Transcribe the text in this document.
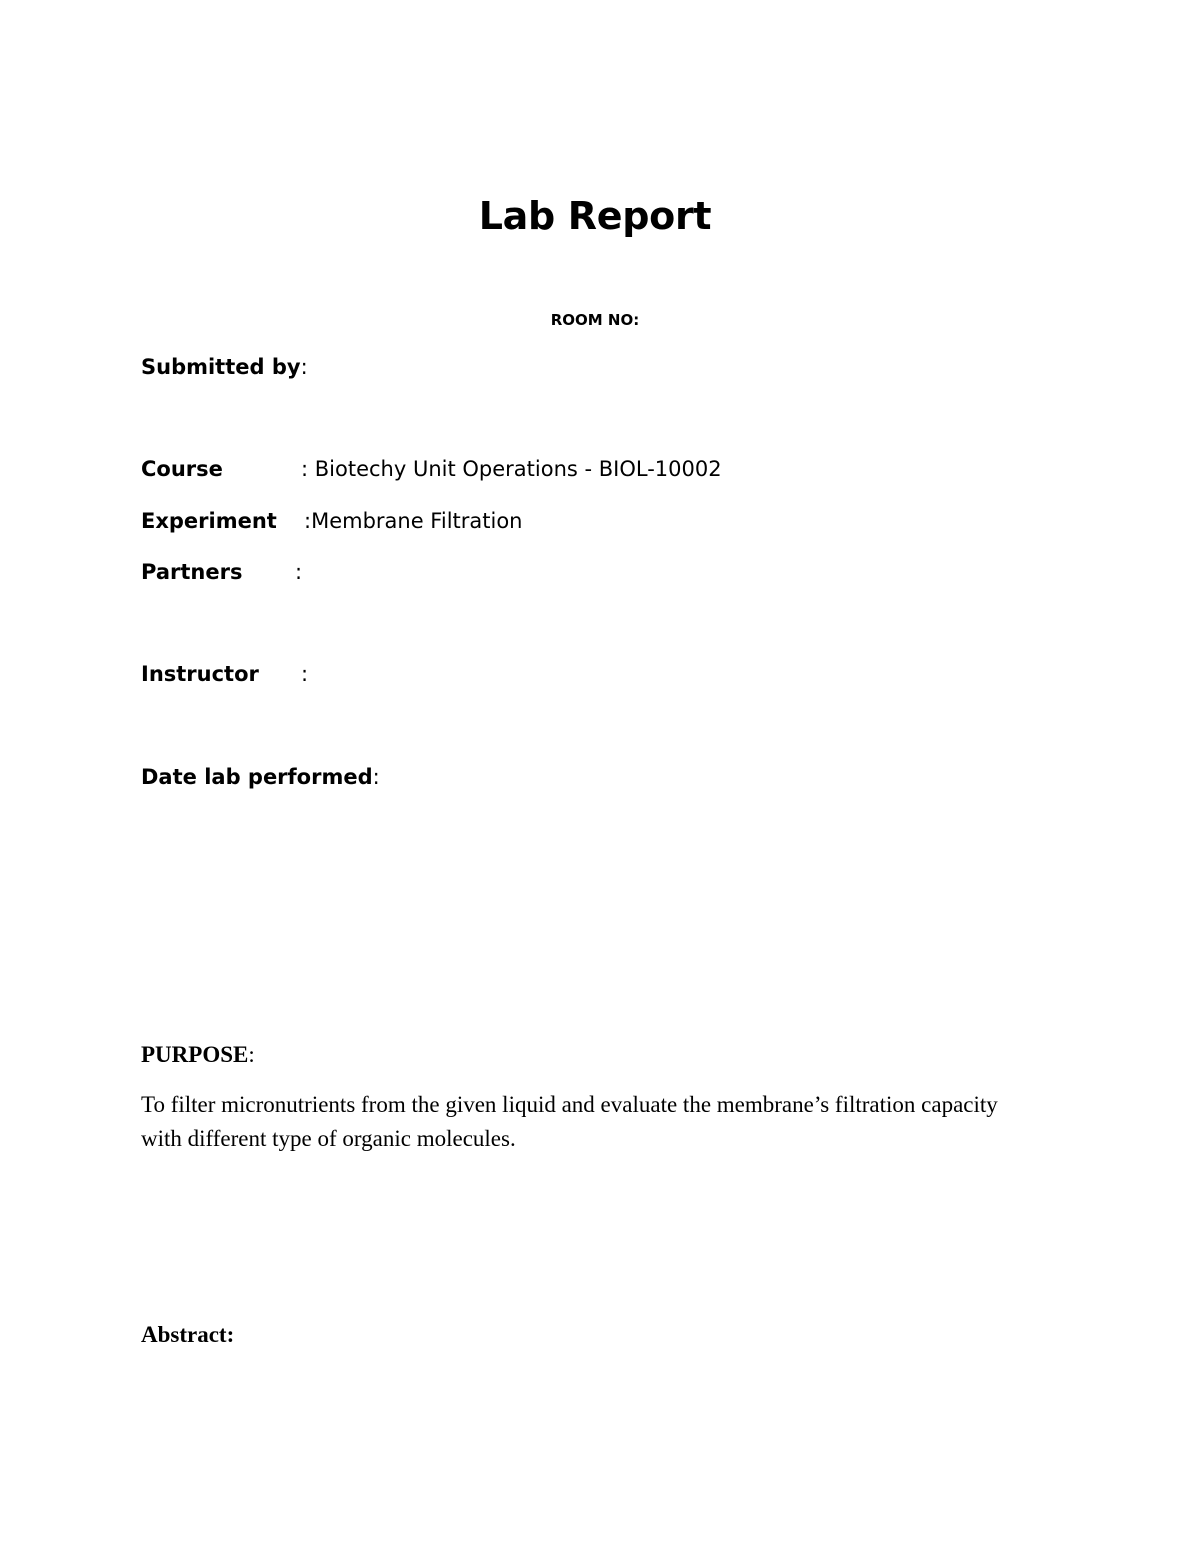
Lab Report
ROOM NO:
Submitted by:
Course	: Biotechy Unit Operations - BIOL-10002
Experiment :Membrane Filtration
Partners	:
Instructor :
Date lab performed:
PURPOSE:
To filter micronutrients from the given liquid and evaluate the membrane’s filtration capacity with different type of organic molecules.
Abstract:
